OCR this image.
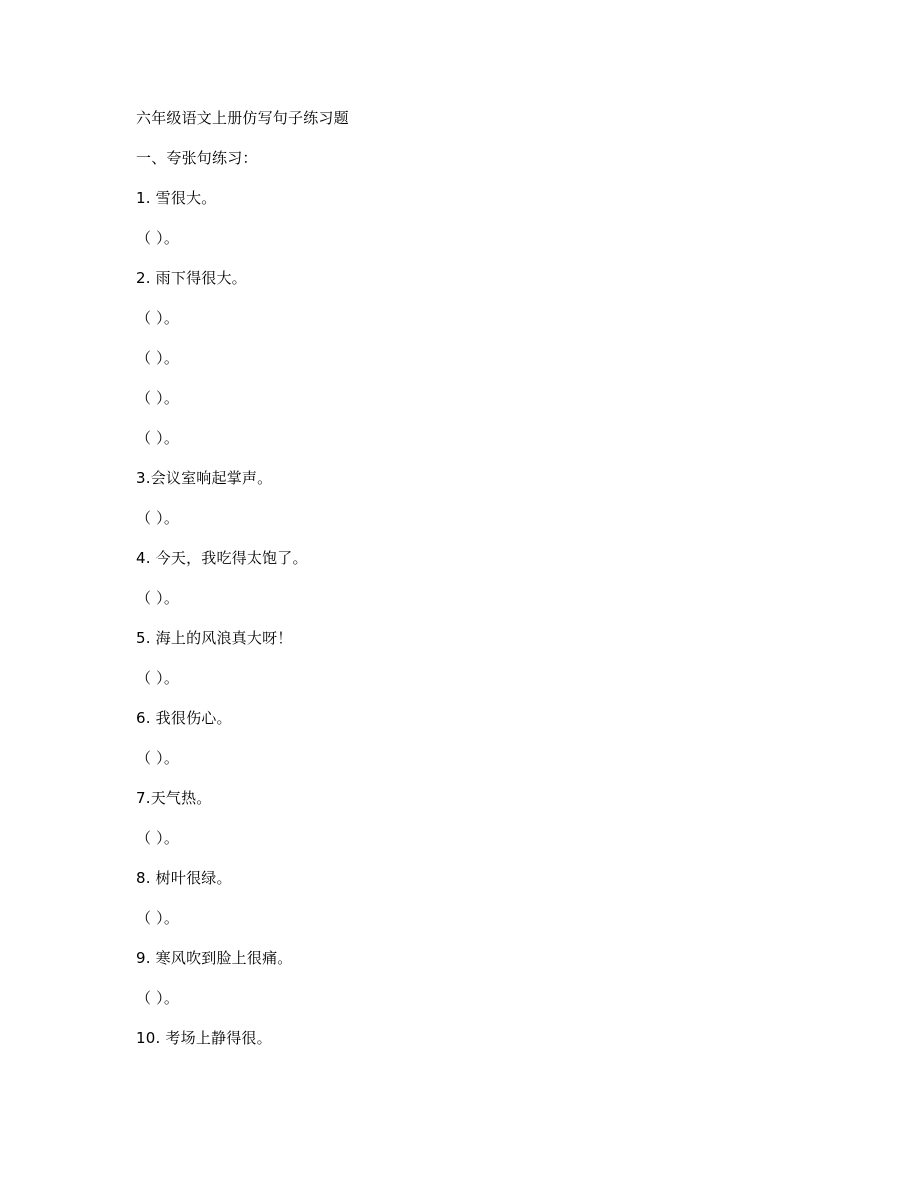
六年级语文上册仿写句子练习题
一、夸张句练习：
1. 雪很大。
（ ）。
2. 雨下得很大。
（ ）。
（ ）。
（ ）。
（ ）。
3.会议室响起掌声。
（ ）。
4. 今天，我吃得太饱了。
（ ）。
5. 海上的风浪真大呀！
（ ）。
6. 我很伤心。
（ ）。
7.天气热。
（ ）。
8. 树叶很绿。
（ ）。
9. 寒风吹到脸上很痛。
（ ）。
10. 考场上静得很。
